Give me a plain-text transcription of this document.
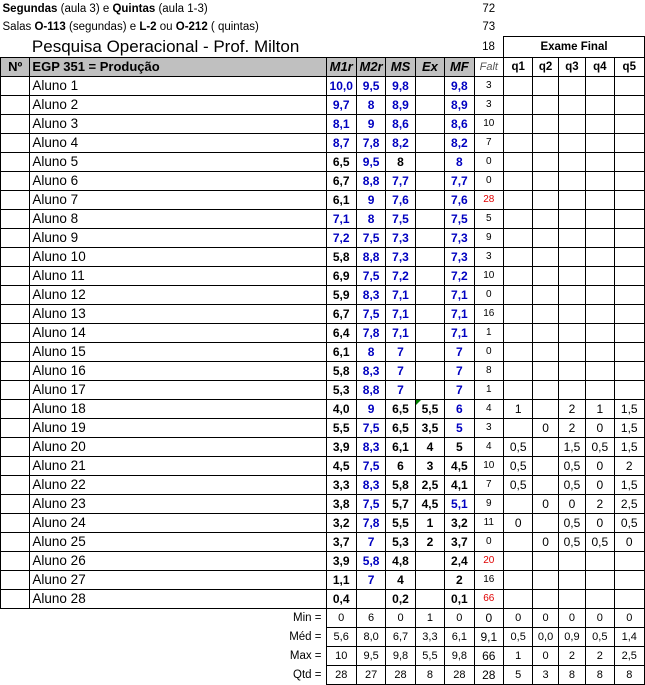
Segundas (aula 3) e Quintas (aula 1-3)							72					
Salas O-113 (segundas) e L-2 ou O-212 ( quintas)							73					
	Pesquisa Operacional - Prof. Milton						18	Exame Final				
Nº	EGP 351 = Produção	M1r	M2r	MS	Ex	MF	Falt	q1	q2	q3	q4	q5
	Aluno 1	10,0	9,5	9,8		9,8	3					
	Aluno 2	9,7	8	8,9		8,9	3					
	Aluno 3	8,1	9	8,6		8,6	10					
	Aluno 4	8,7	7,8	8,2		8,2	7					
	Aluno 5	6,5	9,5	8		8	0					
	Aluno 6	6,7	8,8	7,7		7,7	0					
	Aluno 7	6,1	9	7,6		7,6	28					
	Aluno 8	7,1	8	7,5		7,5	5					
	Aluno 9	7,2	7,5	7,3		7,3	9					
	Aluno 10	5,8	8,8	7,3		7,3	3					
	Aluno 11	6,9	7,5	7,2		7,2	10					
	Aluno 12	5,9	8,3	7,1		7,1	0					
	Aluno 13	6,7	7,5	7,1		7,1	16					
	Aluno 14	6,4	7,8	7,1		7,1	1					
	Aluno 15	6,1	8	7		7	0					
	Aluno 16	5,8	8,3	7		7	8					
	Aluno 17	5,3	8,8	7		7	1					
	Aluno 18	4,0	9	6,5	5,5	6	4	1		2	1	1,5
	Aluno 19	5,5	7,5	6,5	3,5	5	3		0	2	0	1,5
	Aluno 20	3,9	8,3	6,1	4	5	4	0,5		1,5	0,5	1,5
	Aluno 21	4,5	7,5	6	3	4,5	10	0,5		0,5	0	2
	Aluno 22	3,3	8,3	5,8	2,5	4,1	7	0,5		0,5	0	1,5
	Aluno 23	3,8	7,5	5,7	4,5	5,1	9		0	0	2	2,5
	Aluno 24	3,2	7,8	5,5	1	3,2	11	0		0,5	0	0,5
	Aluno 25	3,7	7	5,3	2	3,7	0		0	0,5	0,5	0
	Aluno 26	3,9	5,8	4,8		2,4	20					
	Aluno 27	1,1	7	4		2	16					
	Aluno 28	0,4		0,2		0,1	66					
Min =		0	6	0	1	0	0	0	0	0	0	0
Méd =		5,6	8,0	6,7	3,3	6,1	9,1	0,5	0,0	0,9	0,5	1,4
Max =		10	9,5	9,8	5,5	9,8	66	1	0	2	2	2,5
Qtd =		28	27	28	8	28	28	5	3	8	8	8
